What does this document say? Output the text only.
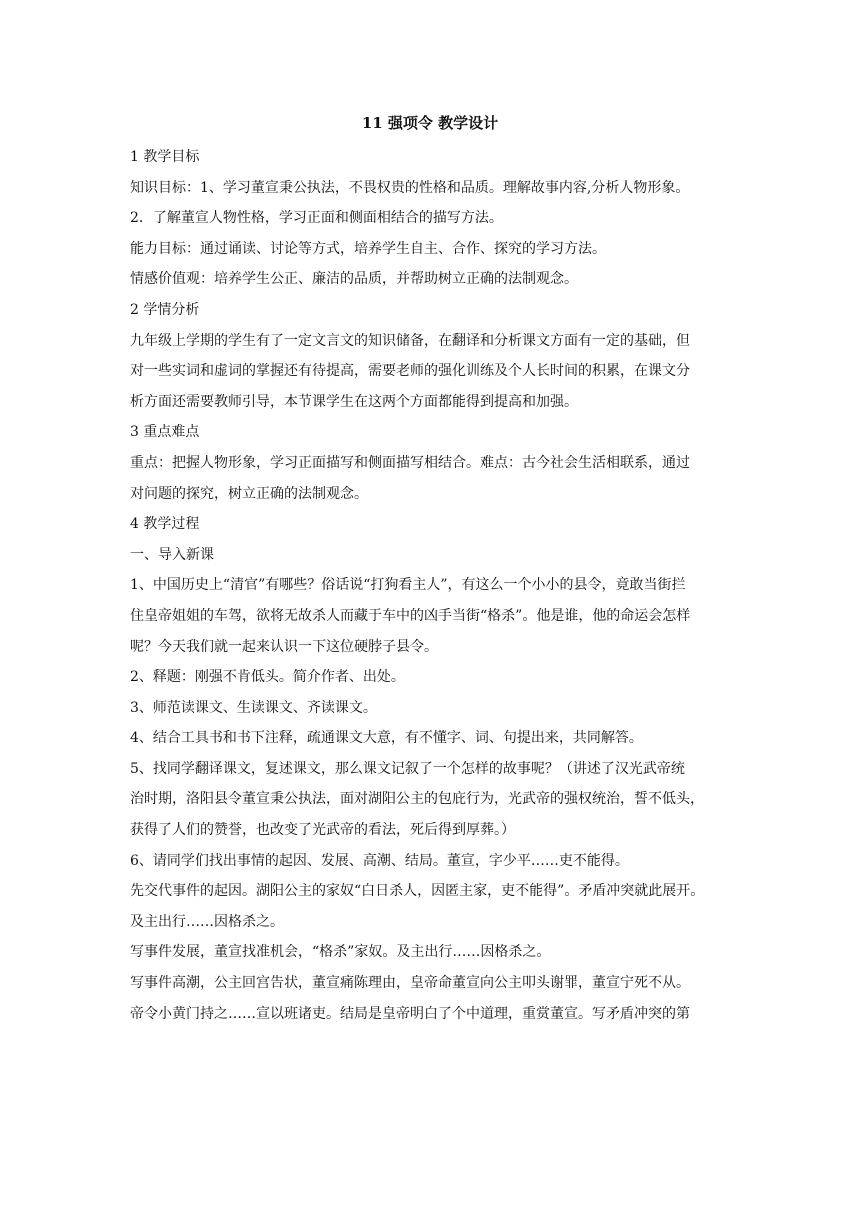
11 强项令 教学设计
1 教学目标
知识目标：1、学习董宣秉公执法，不畏权贵的性格和品质。理解故事内容,分析人物形象。
2．了解董宣人物性格，学习正面和侧面相结合的描写方法。
能力目标：通过诵读、讨论等方式，培养学生自主、合作、探究的学习方法。
情感价值观：培养学生公正、廉洁的品质，并帮助树立正确的法制观念。
2 学情分析
九年级上学期的学生有了一定文言文的知识储备，在翻译和分析课文方面有一定的基础，但
对一些实词和虚词的掌握还有待提高，需要老师的强化训练及个人长时间的积累，在课文分
析方面还需要教师引导，本节课学生在这两个方面都能得到提高和加强。
3 重点难点
重点：把握人物形象，学习正面描写和侧面描写相结合。难点：古今社会生活相联系，通过
对问题的探究，树立正确的法制观念。
4 教学过程
一、导入新课
1、中国历史上“清官”有哪些？俗话说“打狗看主人”，有这么一个小小的县令，竟敢当街拦
住皇帝姐姐的车驾，欲将无故杀人而藏于车中的凶手当街“格杀”。他是谁，他的命运会怎样
呢？今天我们就一起来认识一下这位硬脖子县令。
2、释题：刚强不肯低头。简介作者、出处。
3、师范读课文、生读课文、齐读课文。
4、结合工具书和书下注释，疏通课文大意，有不懂字、词、句提出来，共同解答。
5、找同学翻译课文，复述课文，那么课文记叙了一个怎样的故事呢？（讲述了汉光武帝统
治时期，洛阳县令董宣秉公执法，面对湖阳公主的包庇行为，光武帝的强权统治，誓不低头，
获得了人们的赞誉，也改变了光武帝的看法，死后得到厚葬。）
6、请同学们找出事情的起因、发展、高潮、结局。董宣，字少平……吏不能得。
先交代事件的起因。湖阳公主的家奴“白日杀人，因匿主家，吏不能得”。矛盾冲突就此展开。
及主出行……因格杀之。
写事件发展，董宣找准机会，“格杀”家奴。及主出行……因格杀之。
写事件高潮，公主回宫告状，董宣痛陈理由，皇帝命董宣向公主叩头谢罪，董宣宁死不从。
帝令小黄门持之……宣以班诸吏。结局是皇帝明白了个中道理，重赏董宣。写矛盾冲突的第
